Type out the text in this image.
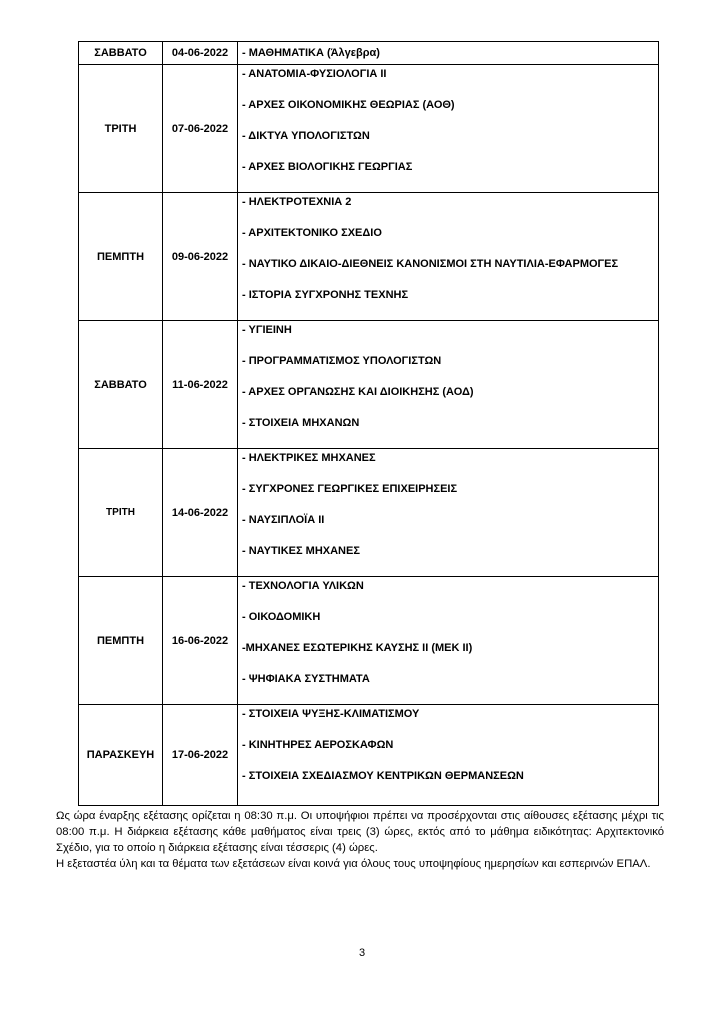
ΣΑΒΒΑΤΟ	04-06-2022	- ΜΑΘΗΜΑΤΙΚΑ (Άλγεβρα)

ΤΡΙΤΗ	07-06-2022	- ΑΝΑΤΟΜΙΑ-ΦΥΣΙΟΛΟΓΙΑ ΙΙ
- ΑΡΧΕΣ ΟΙΚΟΝΟΜΙΚΗΣ ΘΕΩΡΙΑΣ (ΑΟΘ)
- ΔΙΚΤΥΑ ΥΠΟΛΟΓΙΣΤΩΝ
- ΑΡΧΕΣ ΒΙΟΛΟΓΙΚΗΣ ΓΕΩΡΓΙΑΣ

ΠΕΜΠΤΗ	09-06-2022	- ΗΛΕΚΤΡΟΤΕΧΝΙΑ 2
- ΑΡΧΙΤΕΚΤΟΝΙΚΟ ΣΧΕΔΙΟ
- ΝΑΥΤΙΚΟ ΔΙΚΑΙΟ-ΔΙΕΘΝΕΙΣ ΚΑΝΟΝΙΣΜΟΙ ΣΤΗ ΝΑΥΤΙΛΙΑ-ΕΦΑΡΜΟΓΕΣ
- ΙΣΤΟΡΙΑ ΣΥΓΧΡΟΝΗΣ ΤΕΧΝΗΣ

ΣΑΒΒΑΤΟ	11-06-2022	- ΥΓΙΕΙΝΗ
- ΠΡΟΓΡΑΜΜΑΤΙΣΜΟΣ ΥΠΟΛΟΓΙΣΤΩΝ
- ΑΡΧΕΣ ΟΡΓΑΝΩΣΗΣ ΚΑΙ ΔΙΟΙΚΗΣΗΣ (ΑΟΔ)
- ΣΤΟΙΧΕΙΑ ΜΗΧΑΝΩΝ

ΤΡΙΤΗ	14-06-2022	- ΗΛΕΚΤΡΙΚΕΣ ΜΗΧΑΝΕΣ
- ΣΥΓΧΡΟΝΕΣ ΓΕΩΡΓΙΚΕΣ ΕΠΙΧΕΙΡΗΣΕΙΣ
- ΝΑΥΣΙΠΛΟΪΑ ΙΙ
- ΝΑΥΤΙΚΕΣ ΜΗΧΑΝΕΣ

ΠΕΜΠΤΗ	16-06-2022	- ΤΕΧΝΟΛΟΓΙΑ ΥΛΙΚΩΝ
- ΟΙΚΟΔΟΜΙΚΗ
-ΜΗΧΑΝΕΣ ΕΣΩΤΕΡΙΚΗΣ ΚΑΥΣΗΣ ΙΙ (ΜΕΚ ΙΙ)
- ΨΗΦΙΑΚΑ ΣΥΣΤΗΜΑΤΑ

ΠΑΡΑΣΚΕΥΗ	17-06-2022	- ΣΤΟΙΧΕΙΑ ΨΥΞΗΣ-ΚΛΙΜΑΤΙΣΜΟΥ
- ΚΙΝΗΤΗΡΕΣ ΑΕΡΟΣΚΑΦΩΝ
- ΣΤΟΙΧΕΙΑ ΣΧΕΔΙΑΣΜΟΥ ΚΕΝΤΡΙΚΩΝ ΘΕΡΜΑΝΣΕΩΝ

Ως ώρα έναρξης εξέτασης ορίζεται η 08:30 π.μ. Οι υποψήφιοι πρέπει να προσέρχονται στις αίθουσες εξέτασης μέχρι τις 08:00 π.μ. Η διάρκεια εξέτασης κάθε μαθήματος είναι τρεις (3) ώρες, εκτός από το μάθημα ειδικότητας: Αρχιτεκτονικό Σχέδιο, για το οποίο η διάρκεια εξέτασης είναι τέσσερις (4) ώρες.

Η εξεταστέα ύλη και τα θέματα των εξετάσεων είναι κοινά για όλους τους υποψηφίους ημερησίων και εσπερινών ΕΠΑΛ.

3
